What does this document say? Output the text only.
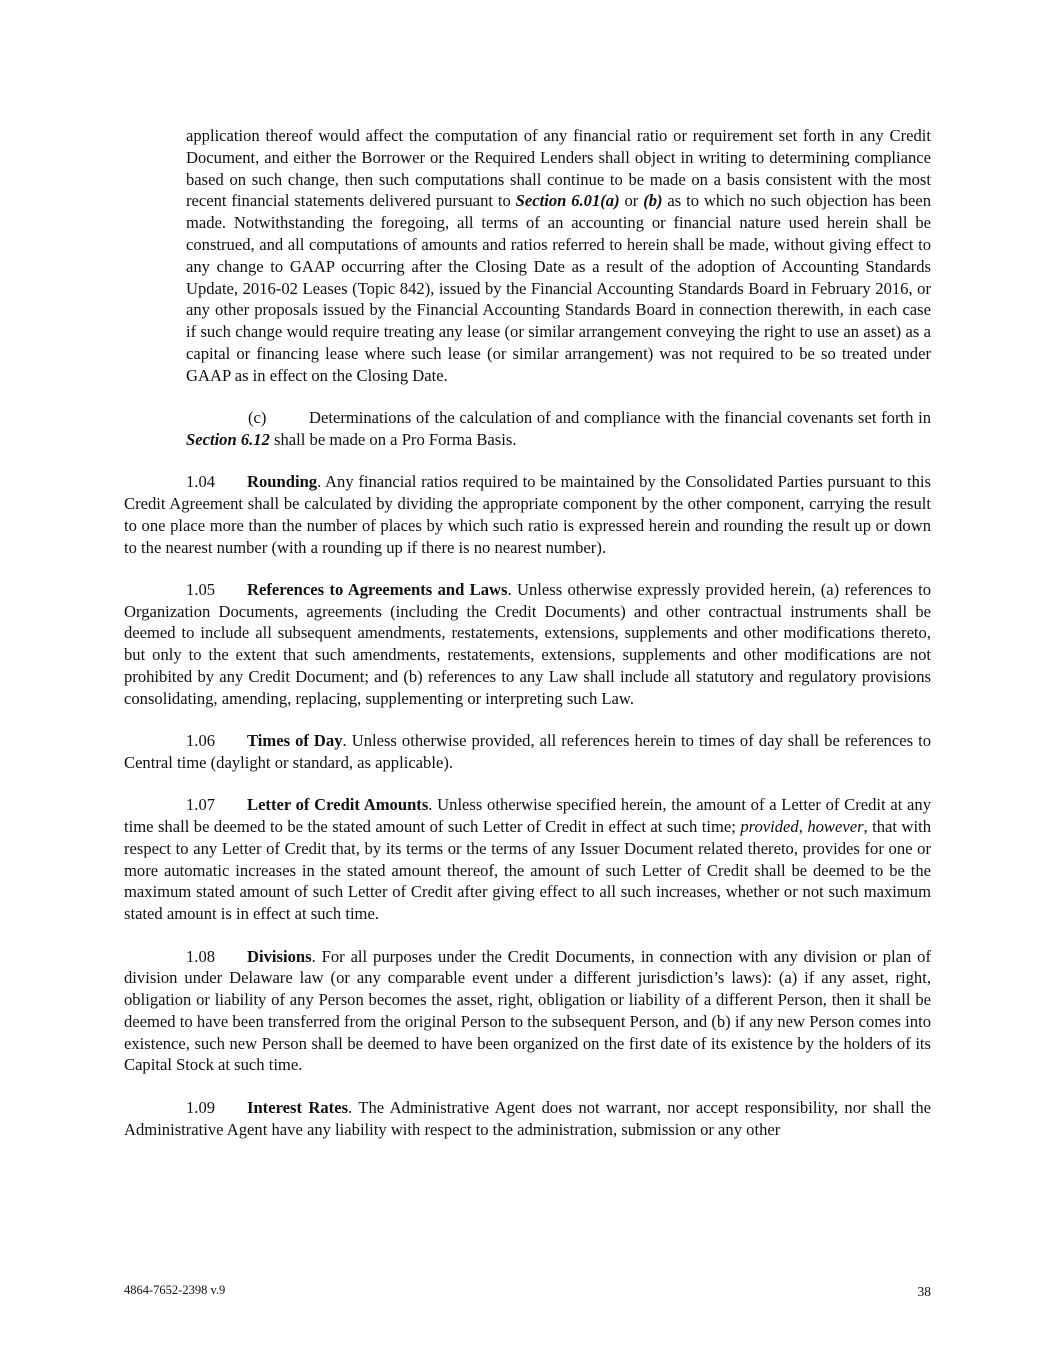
application thereof would affect the computation of any financial ratio or requirement set forth in any Credit Document, and either the Borrower or the Required Lenders shall object in writing to determining compliance based on such change, then such computations shall continue to be made on a basis consistent with the most recent financial statements delivered pursuant to Section 6.01(a) or (b) as to which no such objection has been made. Notwithstanding the foregoing, all terms of an accounting or financial nature used herein shall be construed, and all computations of amounts and ratios referred to herein shall be made, without giving effect to any change to GAAP occurring after the Closing Date as a result of the adoption of Accounting Standards Update, 2016-02 Leases (Topic 842), issued by the Financial Accounting Standards Board in February 2016, or any other proposals issued by the Financial Accounting Standards Board in connection therewith, in each case if such change would require treating any lease (or similar arrangement conveying the right to use an asset) as a capital or financing lease where such lease (or similar arrangement) was not required to be so treated under GAAP as in effect on the Closing Date.

(c)	Determinations of the calculation of and compliance with the financial covenants set forth in Section 6.12 shall be made on a Pro Forma Basis.

1.04 Rounding. Any financial ratios required to be maintained by the Consolidated Parties pursuant to this Credit Agreement shall be calculated by dividing the appropriate component by the other component, carrying the result to one place more than the number of places by which such ratio is expressed herein and rounding the result up or down to the nearest number (with a rounding up if there is no nearest number).

1.05 References to Agreements and Laws. Unless otherwise expressly provided herein, (a) references to Organization Documents, agreements (including the Credit Documents) and other contractual instruments shall be deemed to include all subsequent amendments, restatements, extensions, supplements and other modifications thereto, but only to the extent that such amendments, restatements, extensions, supplements and other modifications are not prohibited by any Credit Document; and (b) references to any Law shall include all statutory and regulatory provisions consolidating, amending, replacing, supplementing or interpreting such Law.

1.06 Times of Day. Unless otherwise provided, all references herein to times of day shall be references to Central time (daylight or standard, as applicable).

1.07 Letter of Credit Amounts. Unless otherwise specified herein, the amount of a Letter of Credit at any time shall be deemed to be the stated amount of such Letter of Credit in effect at such time; provided, however, that with respect to any Letter of Credit that, by its terms or the terms of any Issuer Document related thereto, provides for one or more automatic increases in the stated amount thereof, the amount of such Letter of Credit shall be deemed to be the maximum stated amount of such Letter of Credit after giving effect to all such increases, whether or not such maximum stated amount is in effect at such time.

1.08 Divisions. For all purposes under the Credit Documents, in connection with any division or plan of division under Delaware law (or any comparable event under a different jurisdiction’s laws): (a) if any asset, right, obligation or liability of any Person becomes the asset, right, obligation or liability of a different Person, then it shall be deemed to have been transferred from the original Person to the subsequent Person, and (b) if any new Person comes into existence, such new Person shall be deemed to have been organized on the first date of its existence by the holders of its Capital Stock at such time.

1.09 Interest Rates. The Administrative Agent does not warrant, nor accept responsibility, nor shall the Administrative Agent have any liability with respect to the administration, submission or any other

4864-7652-2398 v.9	38
